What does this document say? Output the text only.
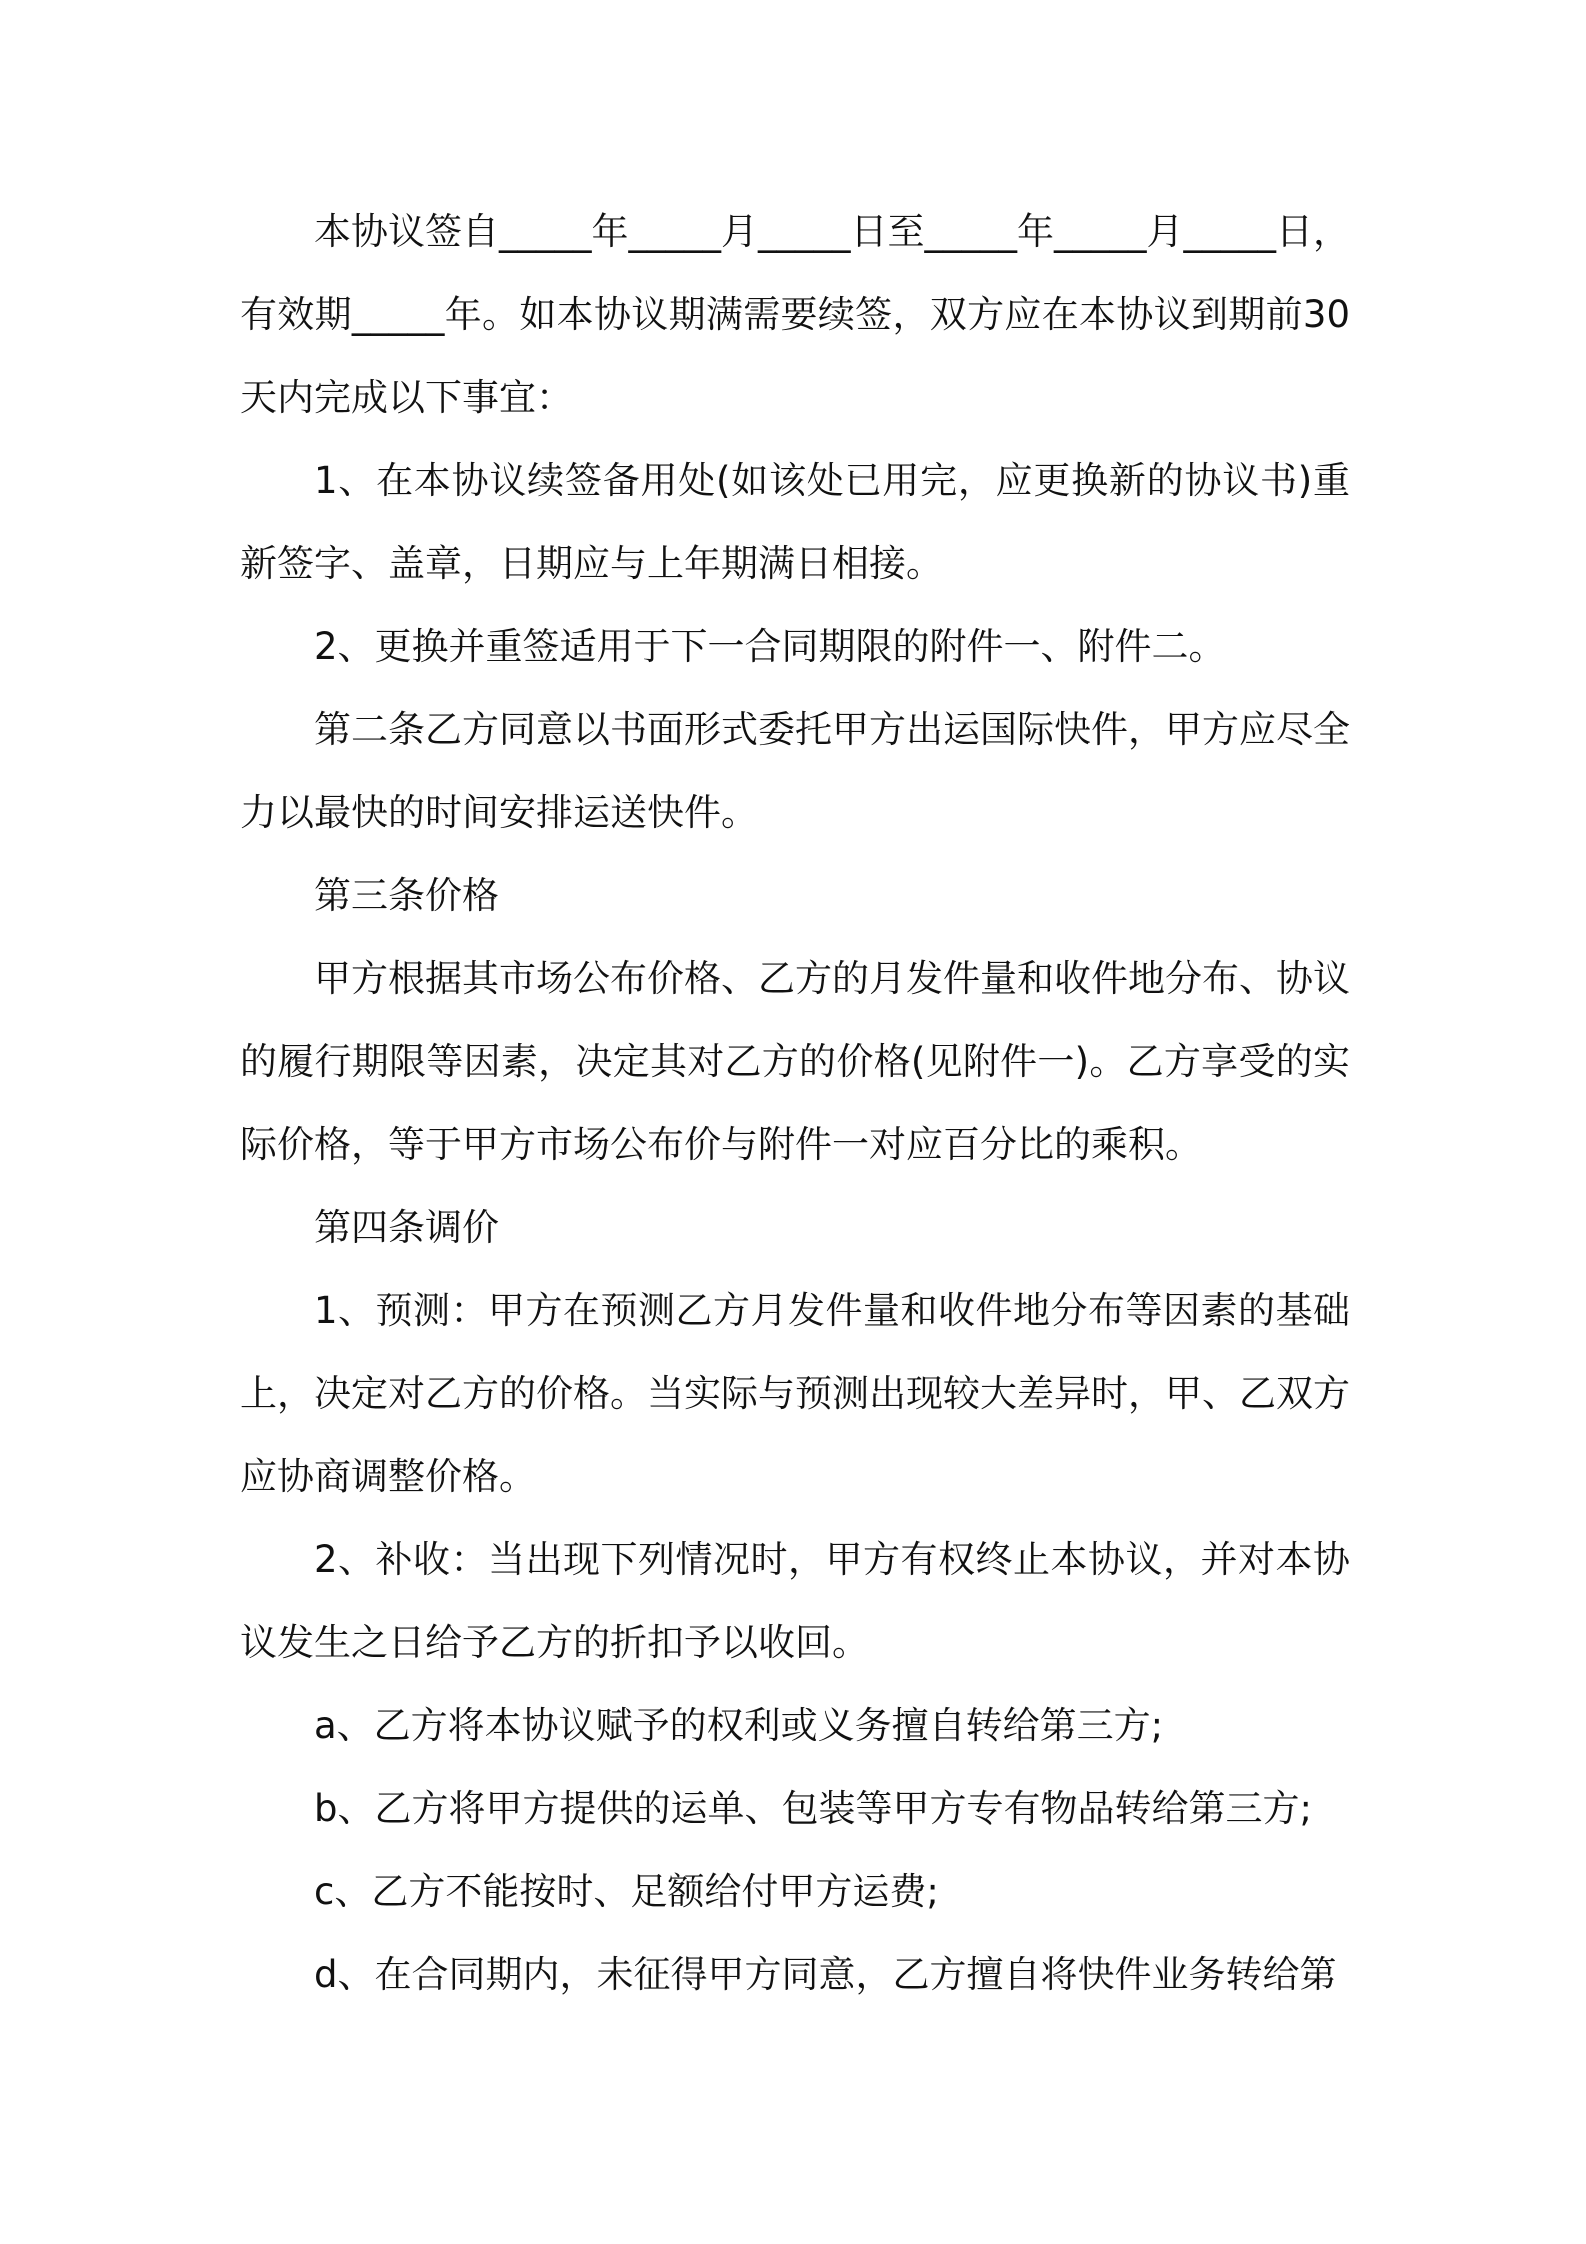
本协议签自_____年_____月_____日至_____年_____月_____日，有效期_____年。如本协议期满需要续签，双方应在本协议到期前30天内完成以下事宜：

1、在本协议续签备用处(如该处已用完，应更换新的协议书)重新签字、盖章，日期应与上年期满日相接。

2、更换并重签适用于下一合同期限的附件一、附件二。

第二条乙方同意以书面形式委托甲方出运国际快件，甲方应尽全力以最快的时间安排运送快件。

第三条价格

甲方根据其市场公布价格、乙方的月发件量和收件地分布、协议的履行期限等因素，决定其对乙方的价格(见附件一)。乙方享受的实际价格，等于甲方市场公布价与附件一对应百分比的乘积。

第四条调价

1、预测：甲方在预测乙方月发件量和收件地分布等因素的基础上，决定对乙方的价格。当实际与预测出现较大差异时，甲、乙双方应协商调整价格。

2、补收：当出现下列情况时，甲方有权终止本协议，并对本协议发生之日给予乙方的折扣予以收回。

a、乙方将本协议赋予的权利或义务擅自转给第三方;

b、乙方将甲方提供的运单、包装等甲方专有物品转给第三方;

c、乙方不能按时、足额给付甲方运费;

d、在合同期内，未征得甲方同意，乙方擅自将快件业务转给第
